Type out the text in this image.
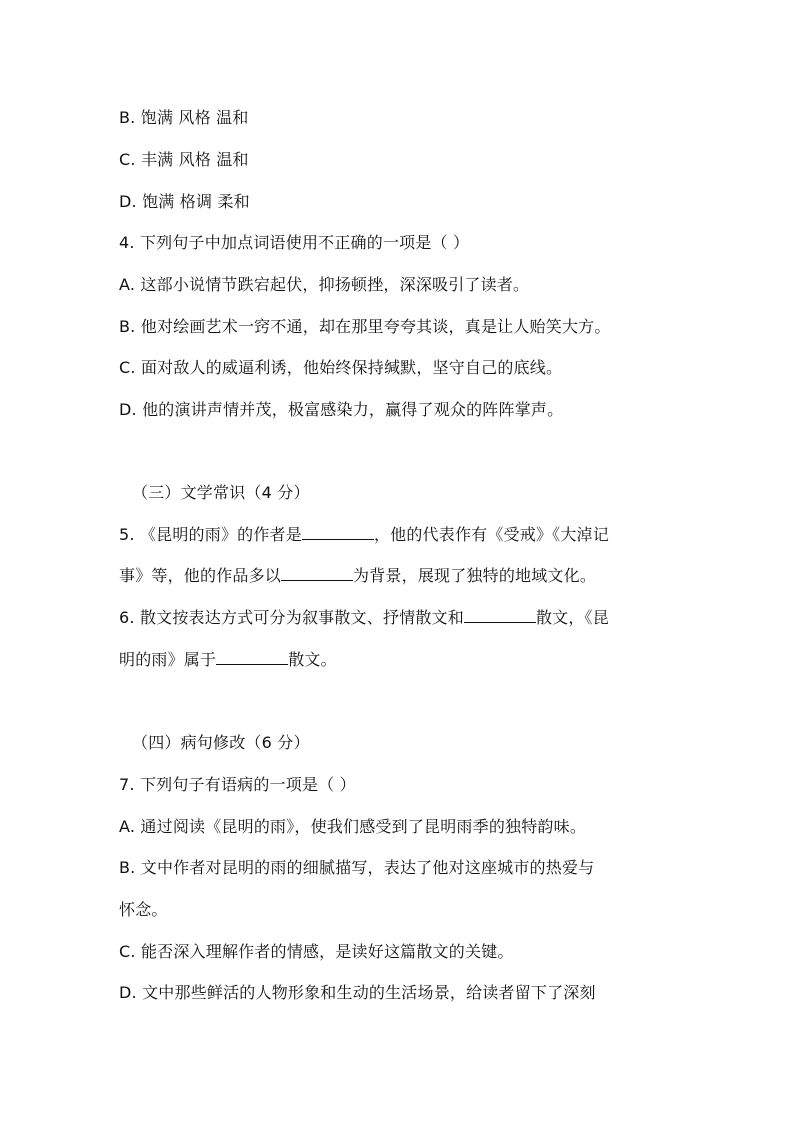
B. 饱满 风格 温和
C. 丰满 风格 温和
D. 饱满 格调 柔和
4. 下列句子中加点词语使用不正确的一项是（ ）
A. 这部小说情节跌宕起伏，抑扬顿挫，深深吸引了读者。
B. 他对绘画艺术一窍不通，却在那里夸夸其谈，真是让人贻笑大方。
C. 面对敌人的威逼利诱，他始终保持缄默，坚守自己的底线。
D. 他的演讲声情并茂，极富感染力，赢得了观众的阵阵掌声。
（三）文学常识（4 分）
5. 《昆明的雨》的作者是	，他的代表作有《受戒》《大淖记
事》等，他的作品多以	为背景，展现了独特的地域文化。
6. 散文按表达方式可分为叙事散文、抒情散文和	散文，《昆
明的雨》属于	散文。
（四）病句修改（6 分）
7. 下列句子有语病的一项是（ ）
A. 通过阅读《昆明的雨》，使我们感受到了昆明雨季的独特韵味。
B. 文中作者对昆明的雨的细腻描写，表达了他对这座城市的热爱与
怀念。
C. 能否深入理解作者的情感，是读好这篇散文的关键。
D. 文中那些鲜活的人物形象和生动的生活场景，给读者留下了深刻
